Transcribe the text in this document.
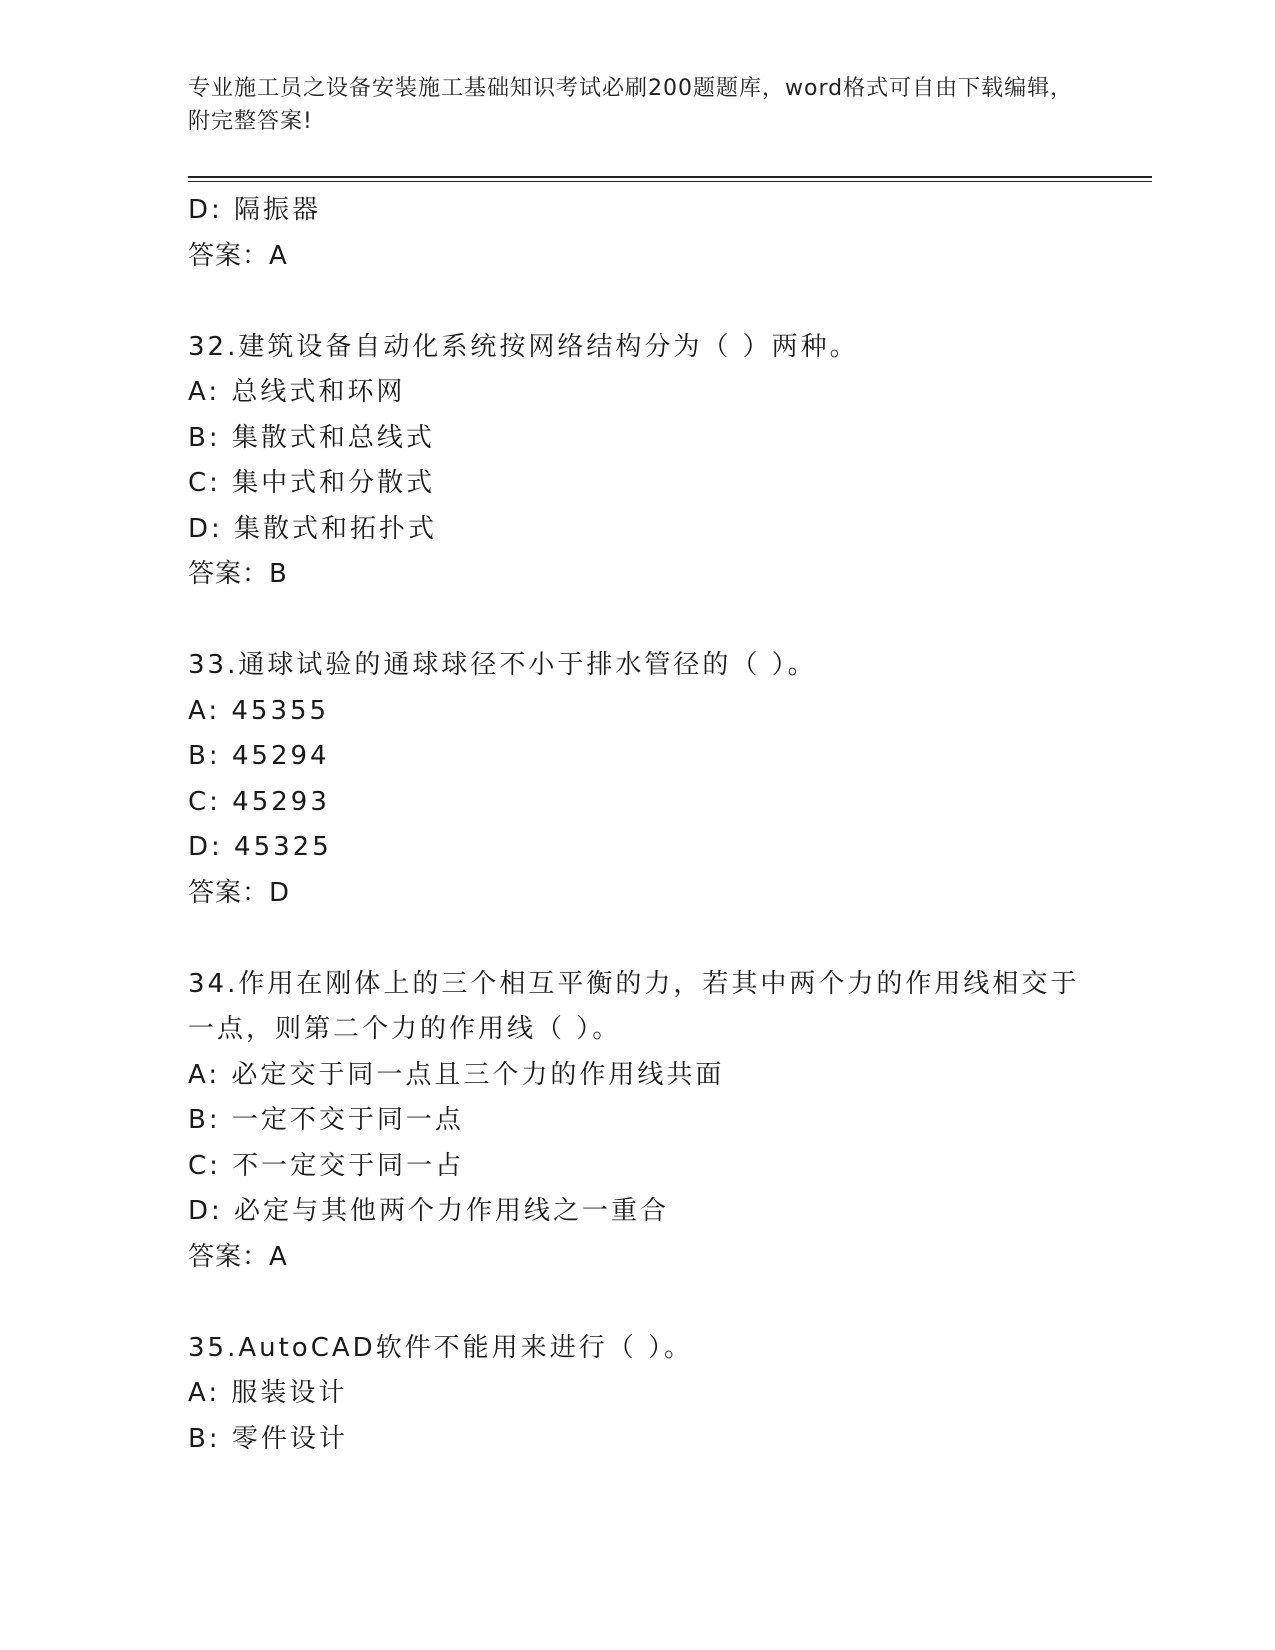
专业施工员之设备安装施工基础知识考试必刷200题题库，word格式可自由下载编辑，附完整答案!
D: 隔振器
答案：A
32.建筑设备自动化系统按网络结构分为（ ）两种。
A: 总线式和环网
B: 集散式和总线式
C: 集中式和分散式
D: 集散式和拓扑式
答案：B
33.通球试验的通球球径不小于排水管径的（ ）。
A: 45355
B: 45294
C: 45293
D: 45325
答案：D
34.作用在刚体上的三个相互平衡的力，若其中两个力的作用线相交于
一点，则第二个力的作用线（ ）。
A: 必定交于同一点且三个力的作用线共面
B: 一定不交于同一点
C: 不一定交于同一占
D: 必定与其他两个力作用线之一重合
答案：A
35.AutoCAD软件不能用来进行（ ）。
A: 服装设计
B: 零件设计
